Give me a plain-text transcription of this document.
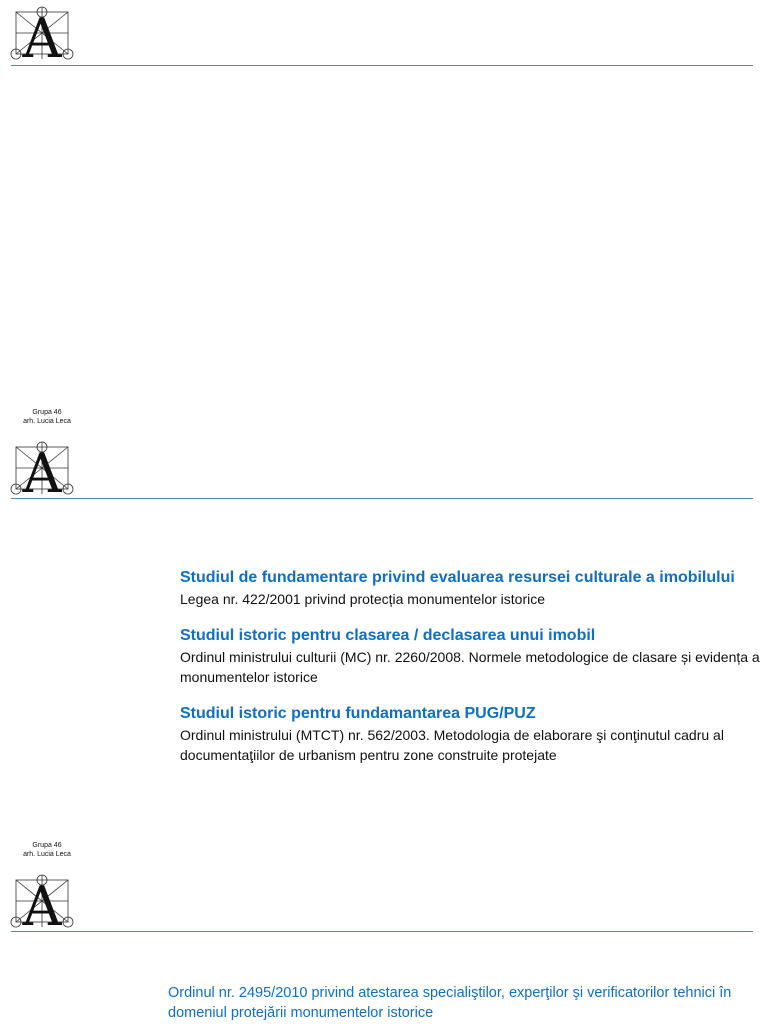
A
Grupa 46
arh. Lucia Leca
A
Studiul de fundamentare privind evaluarea resursei culturale a imobilului
Legea nr. 422/2001 privind protecția monumentelor istorice
Studiul istoric pentru clasarea / declasarea unui imobil
Ordinul ministrului culturii (MC) nr. 2260/2008. Normele metodologice de clasare și evidența a monumentelor istorice
Studiul istoric pentru fundamantarea PUG/PUZ
Ordinul ministrului (MTCT) nr. 562/2003. Metodologia de elaborare şi conţinutul cadru al documentaţiilor de urbanism pentru zone construite protejate
Grupa 46
arh. Lucia Leca
A
Ordinul nr. 2495/2010 privind atestarea specialiştilor, experţilor şi verificatorilor tehnici în domeniul protejării monumentelor istorice
